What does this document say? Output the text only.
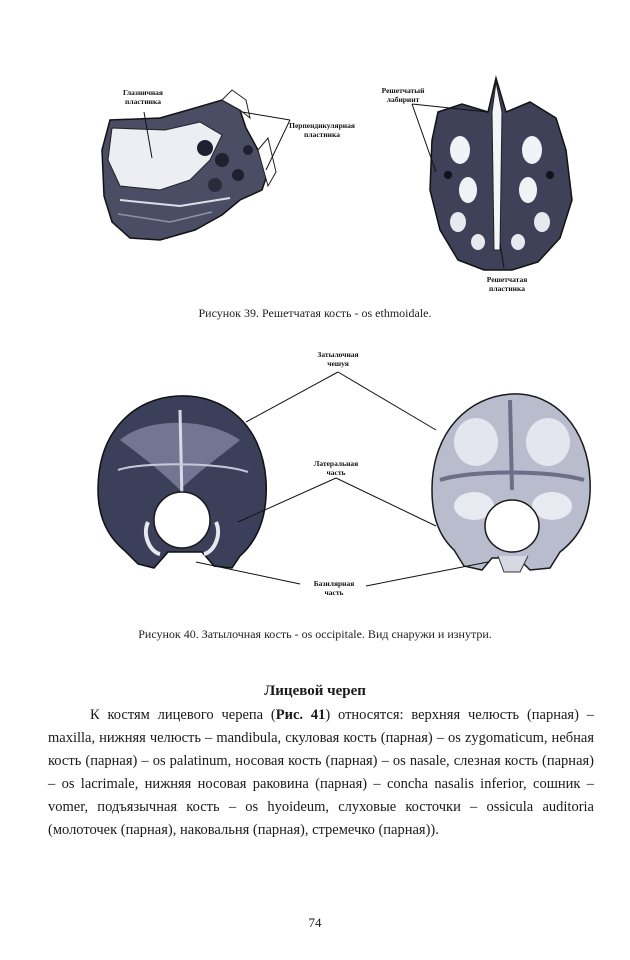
Глазничная
пластинка
Перпендикулярная
пластинка
Решетчатый
лабиринт
Решетчатая
пластинка
Рисунок 39. Решетчатая кость - os ethmoidale.
Затылочная
чешуя
Латеральная
часть
Базилярная
часть
Рисунок 40. Затылочная кость - os occipitale. Вид снаружи и изнутри.
Лицевой череп

К костям лицевого черепа (Рис. 41) относятся: верхняя челюсть (парная) – maxilla, нижняя челюсть – mandibula, скуловая кость (парная) – os zygomaticum, небная кость (парная) – os palatinum, носовая кость (парная) – os nasale, слезная кость (парная) – os lacrimale, нижняя носовая раковина (парная) – concha nasalis inferior, сошник – vomer, подъязычная кость – os hyoideum, слуховые косточки – ossicula auditoria (молоточек (парная), наковальня (парная), стремечко (парная)).

74
